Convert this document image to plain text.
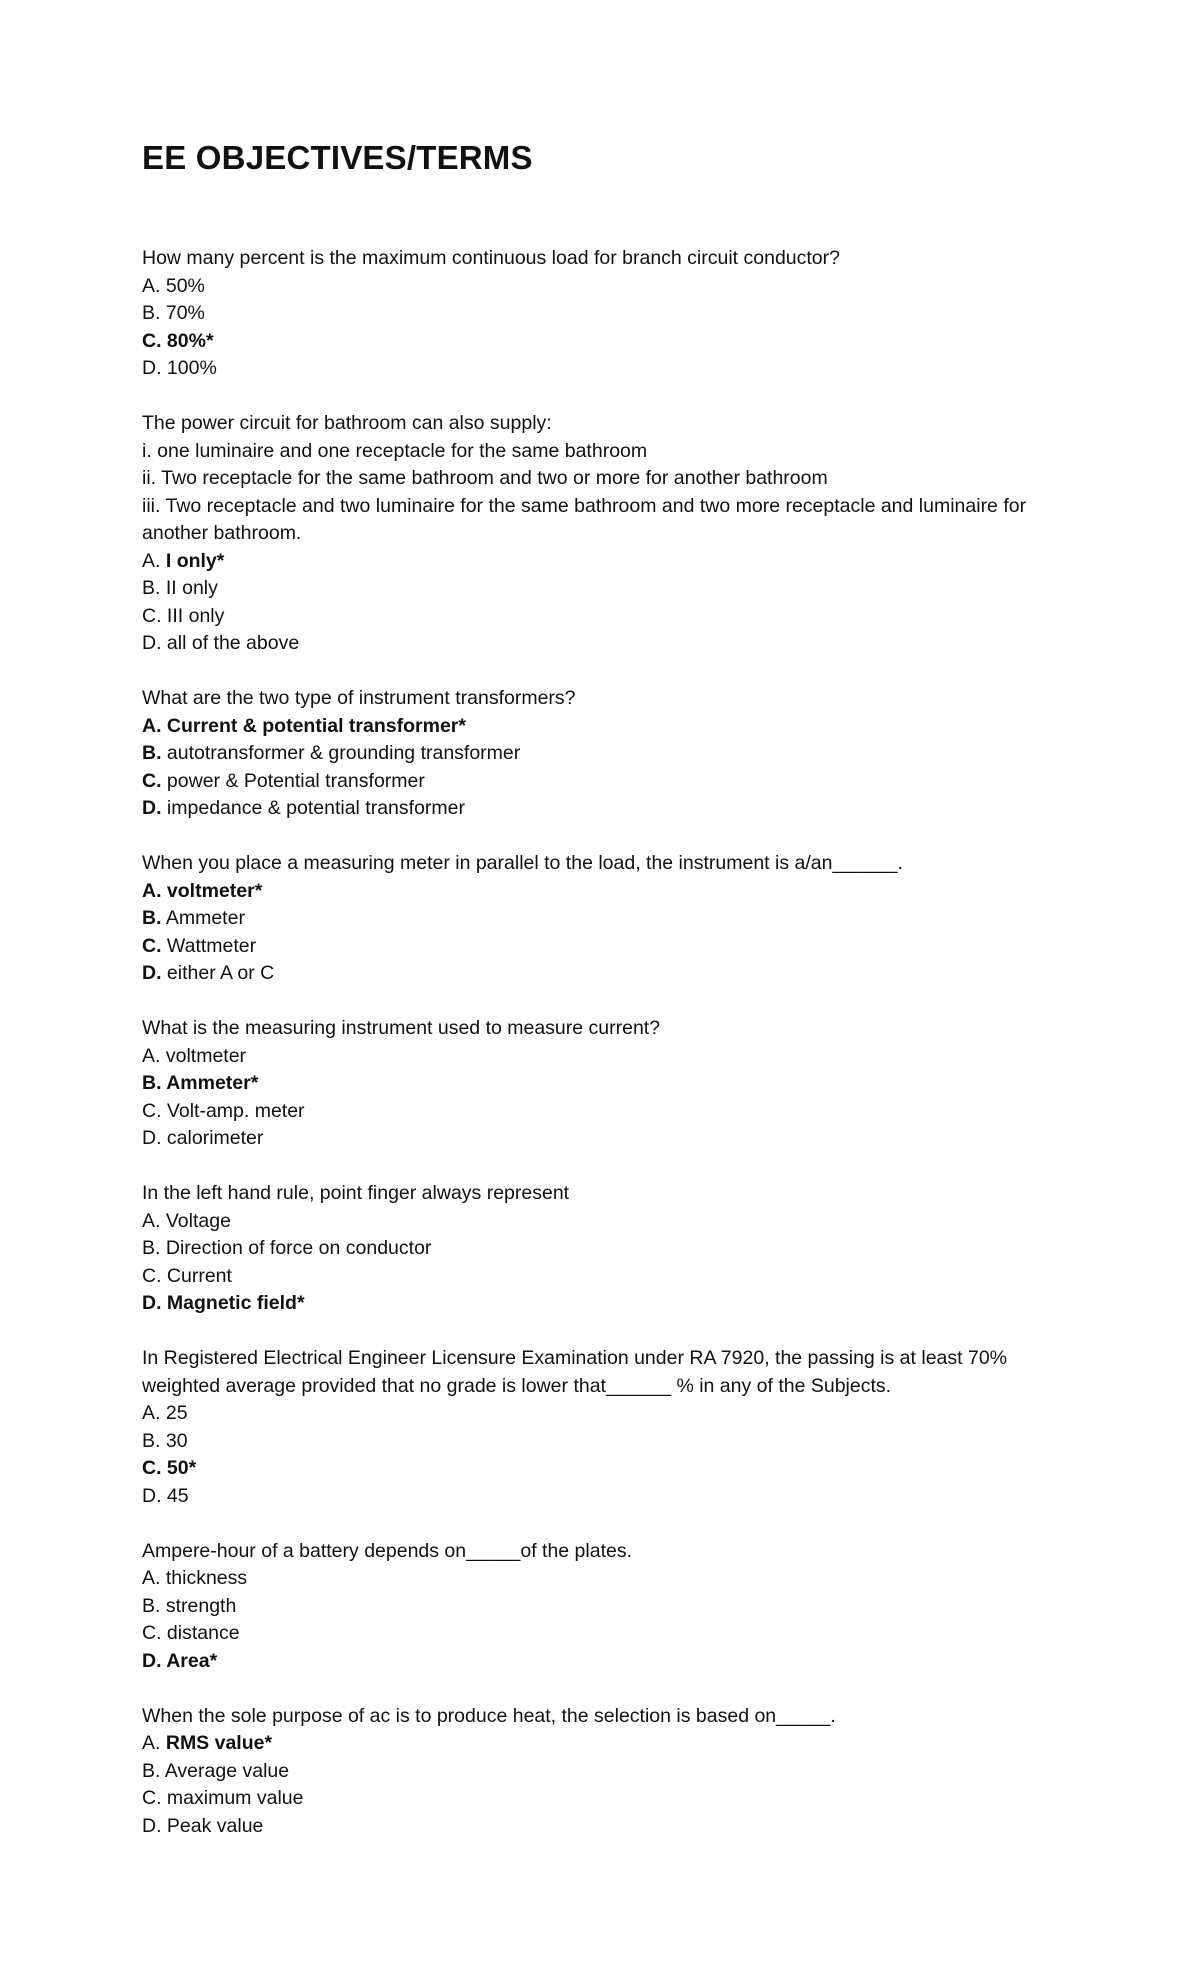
EE OBJECTIVES/TERMS

How many percent is the maximum continuous load for branch circuit conductor?

A. 50%

B. 70%

C. 80%*

D. 100%

The power circuit for bathroom can also supply:

i. one luminaire and one receptacle for the same bathroom

ii. Two receptacle for the same bathroom and two or more for another bathroom

iii. Two receptacle and two luminaire for the same bathroom and two more receptacle and luminaire for another bathroom.

A. I only*

B. II only

C. III only

D. all of the above

What are the two type of instrument transformers?

A. Current & potential transformer*

B. autotransformer & grounding transformer

C. power & Potential transformer

D. impedance & potential transformer

When you place a measuring meter in parallel to the load, the instrument is a/an______.

A. voltmeter*

B. Ammeter

C. Wattmeter

D. either A or C

What is the measuring instrument used to measure current?

A. voltmeter

B. Ammeter*

C. Volt-amp. meter

D. calorimeter

In the left hand rule, point finger always represent

A. Voltage

B. Direction of force on conductor

C. Current

D. Magnetic field*

In Registered Electrical Engineer Licensure Examination under RA 7920, the passing is at least 70% weighted average provided that no grade is lower that______ % in any of the Subjects.

A. 25

B. 30

C. 50*

D. 45

Ampere-hour of a battery depends on_____of the plates.

A. thickness

B. strength

C. distance

D. Area*

When the sole purpose of ac is to produce heat, the selection is based on_____.

A. RMS value*

B. Average value

C. maximum value

D. Peak value
